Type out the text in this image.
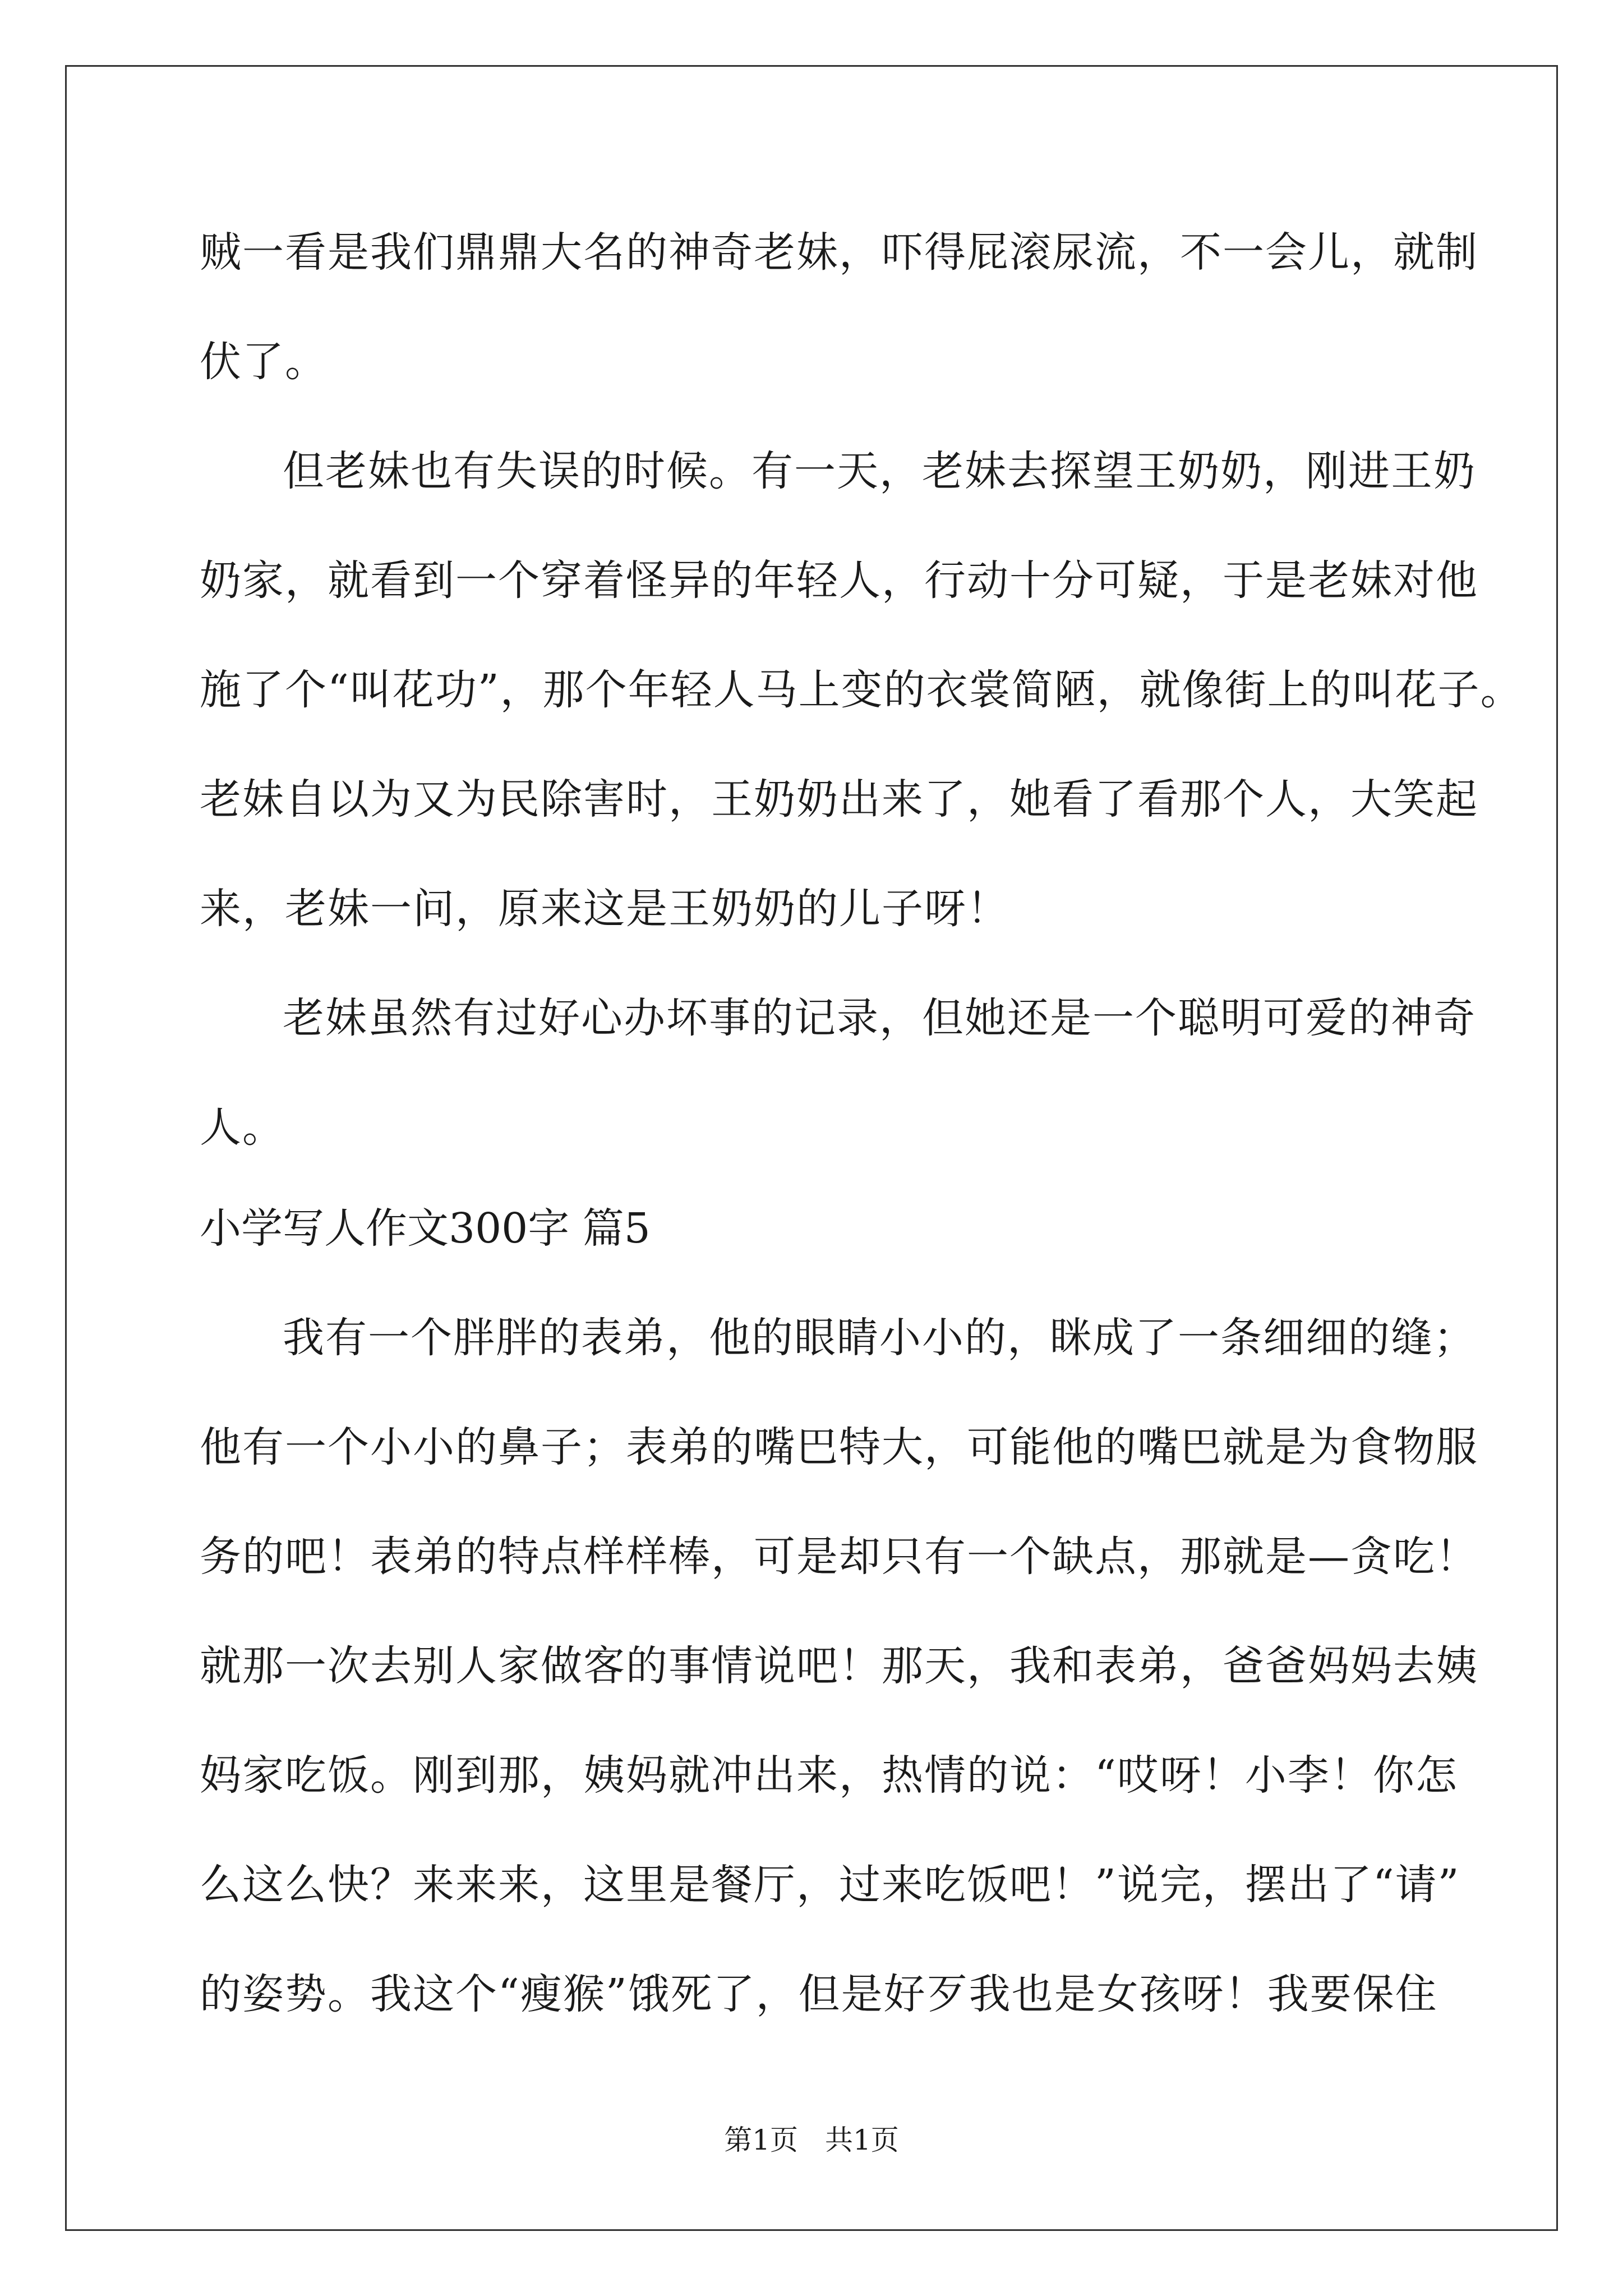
贼一看是我们鼎鼎大名的神奇老妹，吓得屁滚尿流，不一会儿，就制
伏了。
但老妹也有失误的时候。有一天，老妹去探望王奶奶，刚进王奶
奶家，就看到一个穿着怪异的年轻人，行动十分可疑，于是老妹对他
施了个“叫花功”，那个年轻人马上变的衣裳简陋，就像街上的叫花子。
老妹自以为又为民除害时，王奶奶出来了，她看了看那个人，大笑起
来，老妹一问，原来这是王奶奶的儿子呀！
老妹虽然有过好心办坏事的记录，但她还是一个聪明可爱的神奇
人。
小学写人作文300字 篇5
我有一个胖胖的表弟，他的眼睛小小的，眯成了一条细细的缝；
他有一个小小的鼻子；表弟的嘴巴特大，可能他的嘴巴就是为食物服
务的吧！表弟的特点样样棒，可是却只有一个缺点，那就是—贪吃！
就那一次去别人家做客的事情说吧！那天，我和表弟，爸爸妈妈去姨
妈家吃饭。刚到那，姨妈就冲出来，热情的说：“哎呀！小李！你怎
么这么快？来来来，这里是餐厅，过来吃饭吧！”说完，摆出了“请”
的姿势。我这个“瘦猴”饿死了，但是好歹我也是女孩呀！我要保住
第1页 共1页
